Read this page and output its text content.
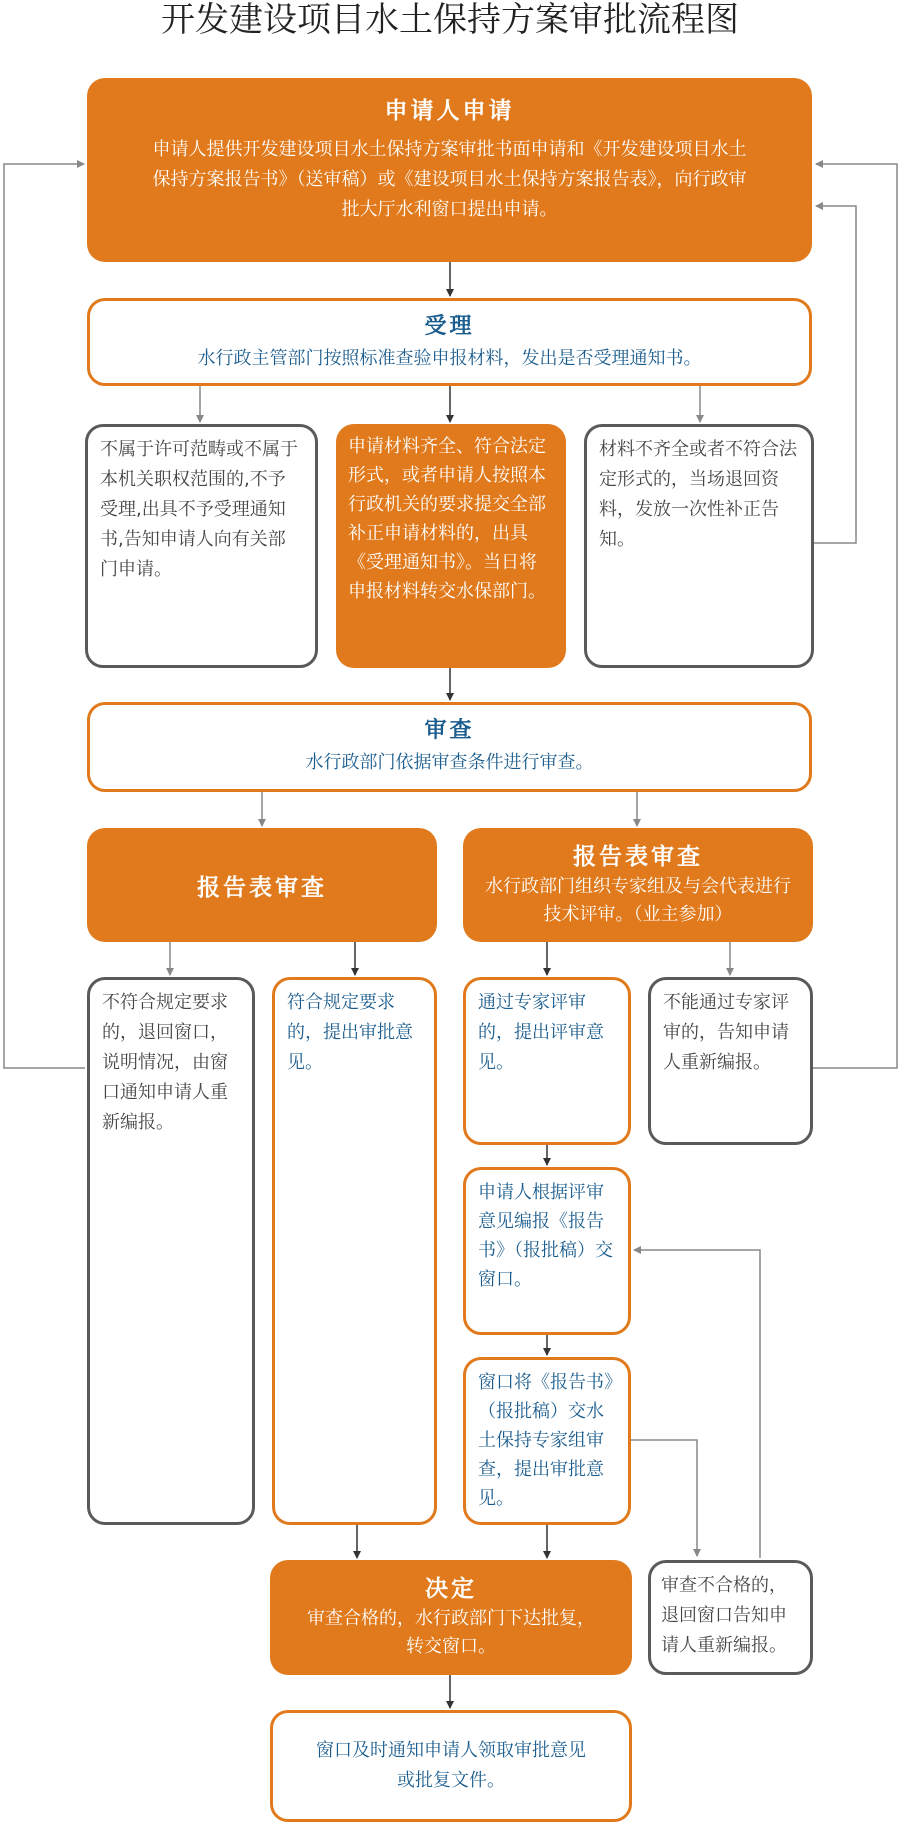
开发建设项目水土保持方案审批流程图
申请人申请
申请人提供开发建设项目水土保持方案审批书面申请和《开发建设项目水土保持方案报告书》（送审稿）或《建设项目水土保持方案报告表》，向行政审批大厅水利窗口提出申请。
受理
水行政主管部门按照标准查验申报材料，发出是否受理通知书。
不属于许可范畴或不属于本机关职权范围的,不予受理,出具不予受理通知书,告知申请人向有关部门申请。
申请材料齐全、符合法定形式，或者申请人按照本行政机关的要求提交全部补正申请材料的，出具《受理通知书》。当日将申报材料转交水保部门。
材料不齐全或者不符合法定形式的，当场退回资料，发放一次性补正告知。
审查
水行政部门依据审查条件进行审查。
报告表审查
报告表审查
水行政部门组织专家组及与会代表进行技术评审。（业主参加）
不符合规定要求的，退回窗口，说明情况，由窗口通知申请人重新编报。
符合规定要求的，提出审批意见。
通过专家评审的，提出评审意见。
不能通过专家评审的，告知申请人重新编报。
申请人根据评审意见编报《报告书》（报批稿）交窗口。
窗口将《报告书》（报批稿）交水土保持专家组审查，提出审批意见。
决定
审查合格的，水行政部门下达批复，转交窗口。
审查不合格的，退回窗口告知申请人重新编报。
窗口及时通知申请人领取审批意见或批复文件。
